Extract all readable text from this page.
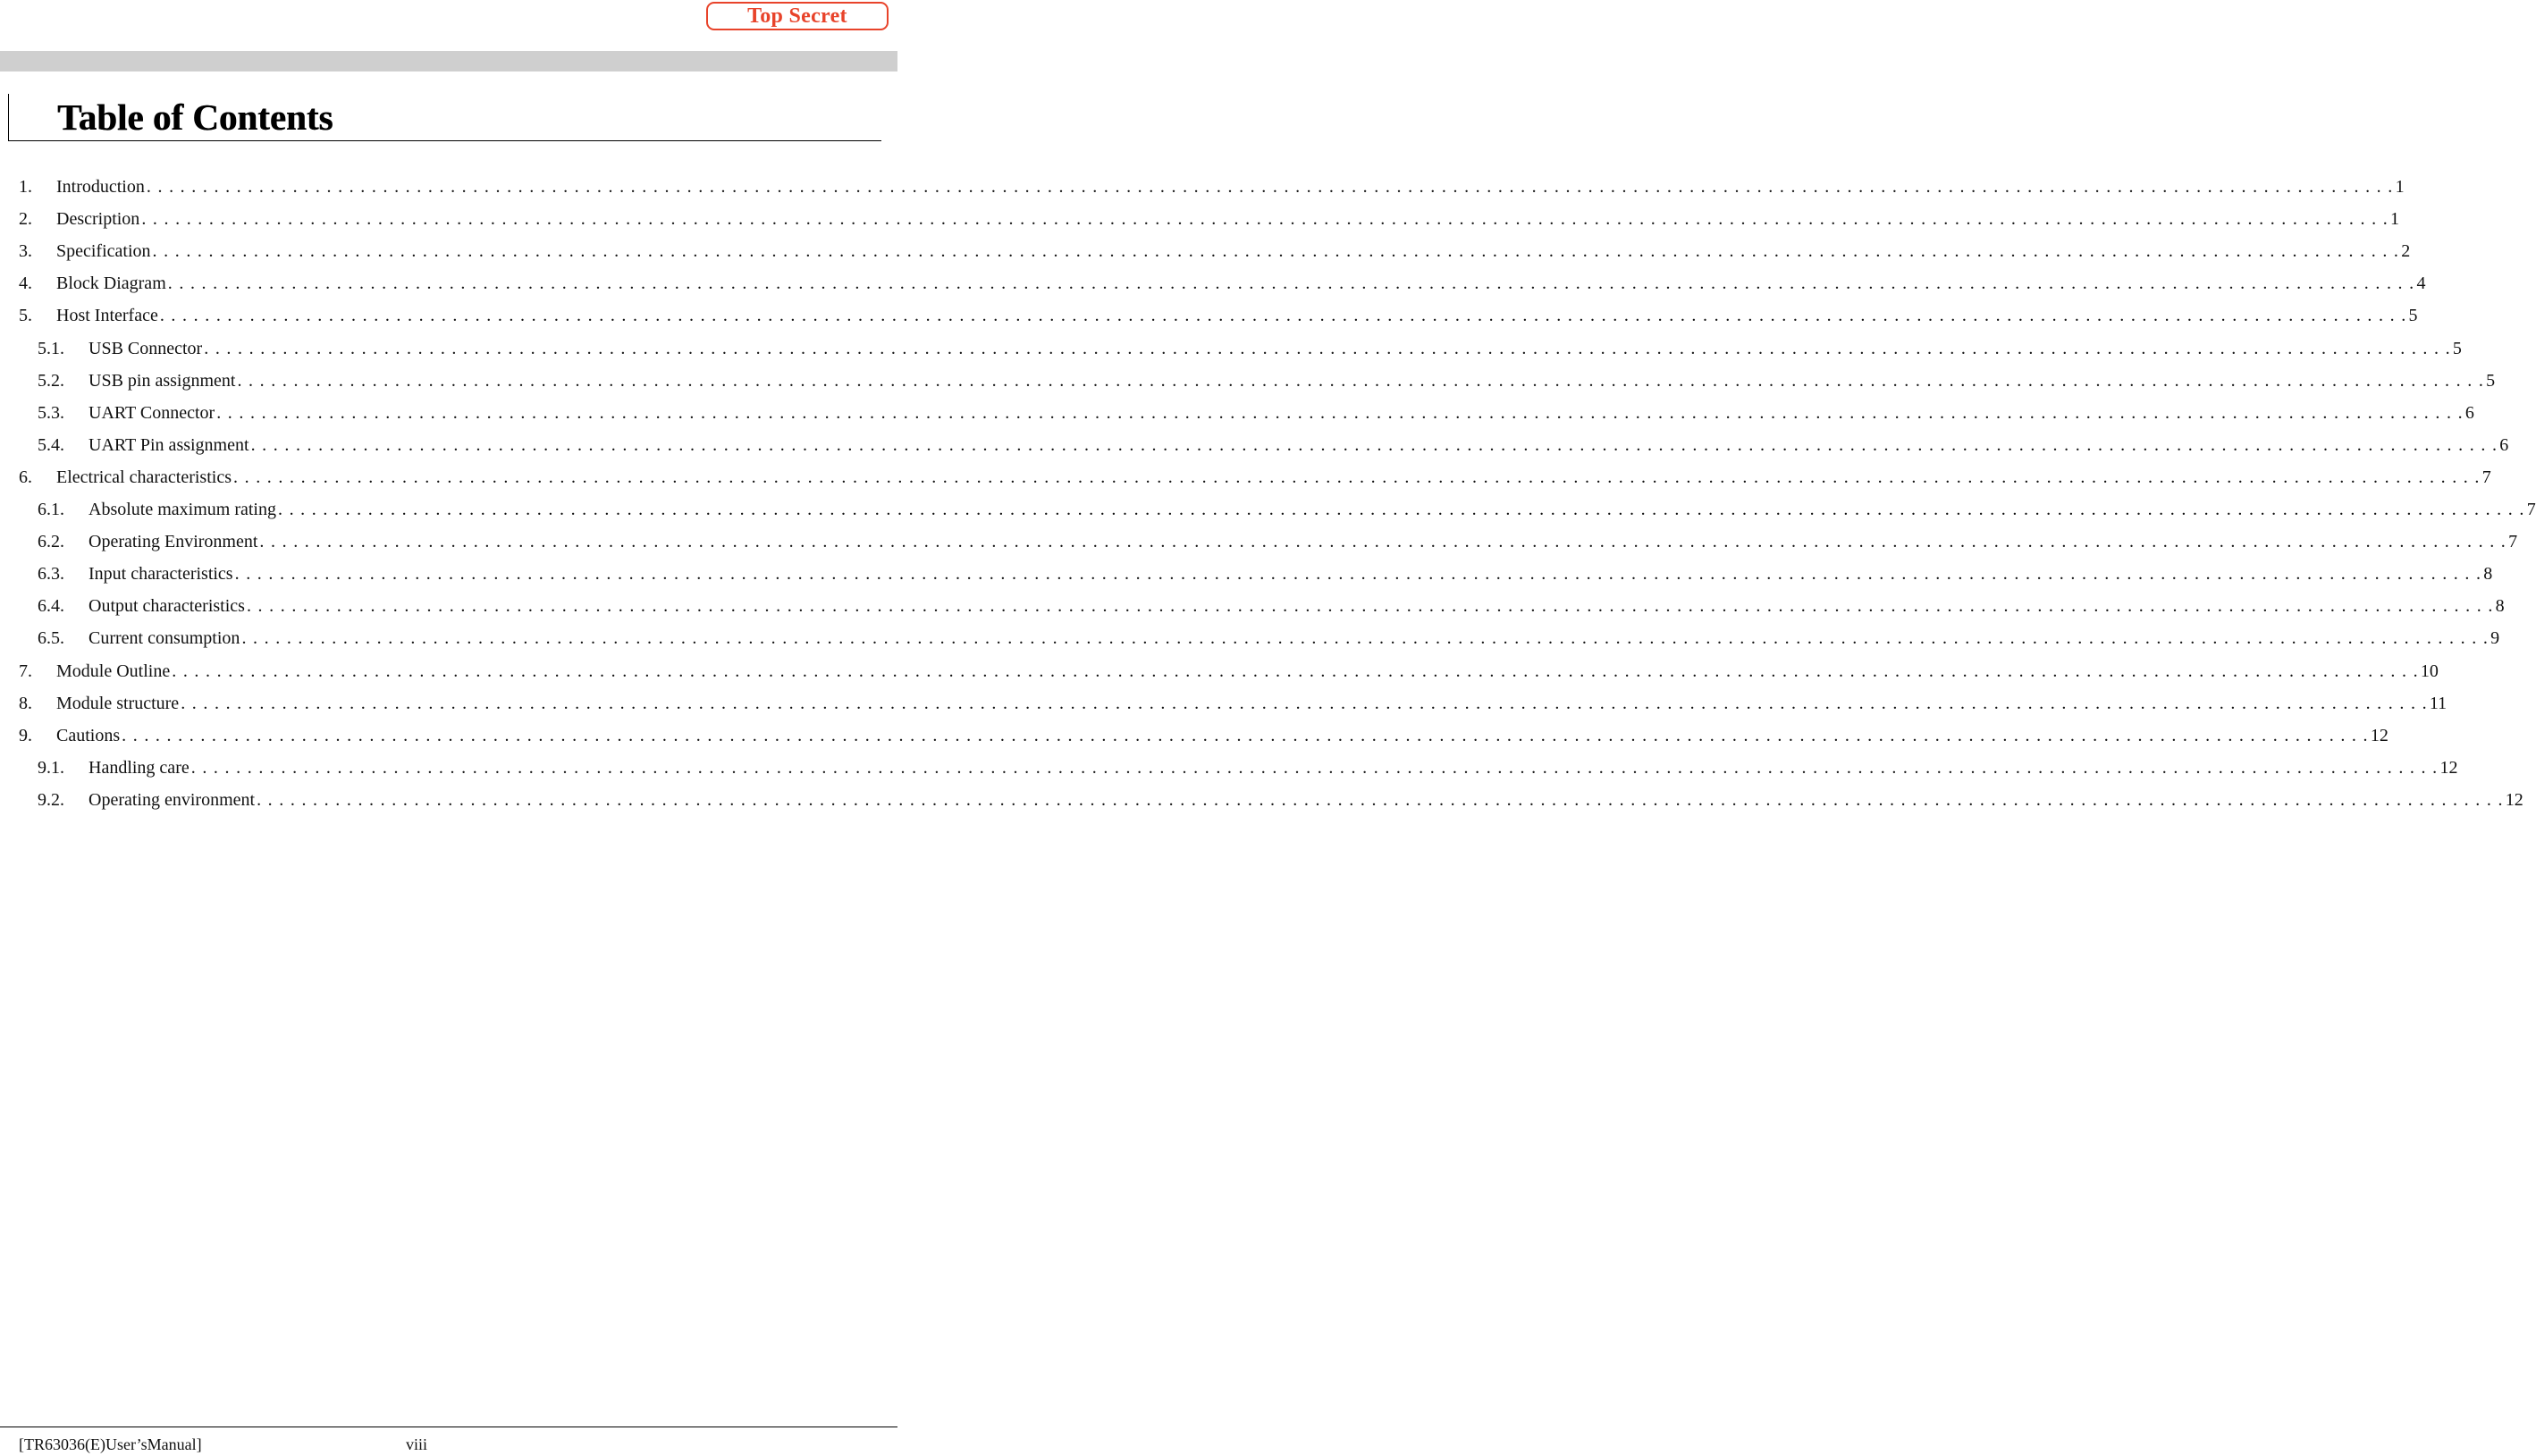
Top Secret
Table of Contents
1.	Introduction . . . . . . . . . . . . . . . . . . . . . . . . . . . . . . . . . . . . . . . . . . . . . . . . . . . . . . . . . . . . . . . . . . . . . . . . . . . . . . . . . . . . . . . . . . . . . . . . . . . . . . . . . . . . . . . . . . . . . . . . . . . . . . . . . . . . . . . . . . . . . . . . . . . . . . . . . . . . . . . . . . . . . . . . . . . . . . . . . . . . . . . . . . . . . . . . . . . . . . . . 1
2.	Description . . . . . . . . . . . . . . . . . . . . . . . . . . . . . . . . . . . . . . . . . . . . . . . . . . . . . . . . . . . . . . . . . . . . . . . . . . . . . . . . . . . . . . . . . . . . . . . . . . . . . . . . . . . . . . . . . . . . . . . . . . . . . . . . . . . . . . . . . . . . . . . . . . . . . . . . . . . . . . . . . . . . . . . . . . . . . . . . . . . . . . . . . . . . . . . . . . . . . . . . 1
3.	Specification . . . . . . . . . . . . . . . . . . . . . . . . . . . . . . . . . . . . . . . . . . . . . . . . . . . . . . . . . . . . . . . . . . . . . . . . . . . . . . . . . . . . . . . . . . . . . . . . . . . . . . . . . . . . . . . . . . . . . . . . . . . . . . . . . . . . . . . . . . . . . . . . . . . . . . . . . . . . . . . . . . . . . . . . . . . . . . . . . . . . . . . . . . . . . . . . . . . . . . . . 2
4.	Block Diagram . . . . . . . . . . . . . . . . . . . . . . . . . . . . . . . . . . . . . . . . . . . . . . . . . . . . . . . . . . . . . . . . . . . . . . . . . . . . . . . . . . . . . . . . . . . . . . . . . . . . . . . . . . . . . . . . . . . . . . . . . . . . . . . . . . . . . . . . . . . . . . . . . . . . . . . . . . . . . . . . . . . . . . . . . . . . . . . . . . . . . . . . . . . . . . . . . . . . . . . . 4
5.	Host Interface . . . . . . . . . . . . . . . . . . . . . . . . . . . . . . . . . . . . . . . . . . . . . . . . . . . . . . . . . . . . . . . . . . . . . . . . . . . . . . . . . . . . . . . . . . . . . . . . . . . . . . . . . . . . . . . . . . . . . . . . . . . . . . . . . . . . . . . . . . . . . . . . . . . . . . . . . . . . . . . . . . . . . . . . . . . . . . . . . . . . . . . . . . . . . . . . . . . . . . . . 5
5.1.	USB Connector . . . . . . . . . . . . . . . . . . . . . . . . . . . . . . . . . . . . . . . . . . . . . . . . . . . . . . . . . . . . . . . . . . . . . . . . . . . . . . . . . . . . . . . . . . . . . . . . . . . . . . . . . . . . . . . . . . . . . . . . . . . . . . . . . . . . . . . . . . . . . . . . . . . . . . . . . . . . . . . . . . . . . . . . . . . . . . . . . . . . . . . . . . . . . . . . . . . . . . . . 5
5.2.	USB pin assignment . . . . . . . . . . . . . . . . . . . . . . . . . . . . . . . . . . . . . . . . . . . . . . . . . . . . . . . . . . . . . . . . . . . . . . . . . . . . . . . . . . . . . . . . . . . . . . . . . . . . . . . . . . . . . . . . . . . . . . . . . . . . . . . . . . . . . . . . . . . . . . . . . . . . . . . . . . . . . . . . . . . . . . . . . . . . . . . . . . . . . . . . . . . . . . . . . . . . . . . . 5
5.3.	UART Connector . . . . . . . . . . . . . . . . . . . . . . . . . . . . . . . . . . . . . . . . . . . . . . . . . . . . . . . . . . . . . . . . . . . . . . . . . . . . . . . . . . . . . . . . . . . . . . . . . . . . . . . . . . . . . . . . . . . . . . . . . . . . . . . . . . . . . . . . . . . . . . . . . . . . . . . . . . . . . . . . . . . . . . . . . . . . . . . . . . . . . . . . . . . . . . . . . . . . . . . . 6
5.4.	UART Pin assignment . . . . . . . . . . . . . . . . . . . . . . . . . . . . . . . . . . . . . . . . . . . . . . . . . . . . . . . . . . . . . . . . . . . . . . . . . . . . . . . . . . . . . . . . . . . . . . . . . . . . . . . . . . . . . . . . . . . . . . . . . . . . . . . . . . . . . . . . . . . . . . . . . . . . . . . . . . . . . . . . . . . . . . . . . . . . . . . . . . . . . . . . . . . . . . . . . . . . . . . . 6
6.	Electrical characteristics . . . . . . . . . . . . . . . . . . . . . . . . . . . . . . . . . . . . . . . . . . . . . . . . . . . . . . . . . . . . . . . . . . . . . . . . . . . . . . . . . . . . . . . . . . . . . . . . . . . . . . . . . . . . . . . . . . . . . . . . . . . . . . . . . . . . . . . . . . . . . . . . . . . . . . . . . . . . . . . . . . . . . . . . . . . . . . . . . . . . . . . . . . . . . . . . . . . . . . . . 7
6.1.	Absolute maximum rating . . . . . . . . . . . . . . . . . . . . . . . . . . . . . . . . . . . . . . . . . . . . . . . . . . . . . . . . . . . . . . . . . . . . . . . . . . . . . . . . . . . . . . . . . . . . . . . . . . . . . . . . . . . . . . . . . . . . . . . . . . . . . . . . . . . . . . . . . . . . . . . . . . . . . . . . . . . . . . . . . . . . . . . . . . . . . . . . . . . . . . . . . . . . . . . . . . . . . . . . 7
6.2.	Operating Environment . . . . . . . . . . . . . . . . . . . . . . . . . . . . . . . . . . . . . . . . . . . . . . . . . . . . . . . . . . . . . . . . . . . . . . . . . . . . . . . . . . . . . . . . . . . . . . . . . . . . . . . . . . . . . . . . . . . . . . . . . . . . . . . . . . . . . . . . . . . . . . . . . . . . . . . . . . . . . . . . . . . . . . . . . . . . . . . . . . . . . . . . . . . . . . . . . . . . . . . . 7
6.3.	Input characteristics . . . . . . . . . . . . . . . . . . . . . . . . . . . . . . . . . . . . . . . . . . . . . . . . . . . . . . . . . . . . . . . . . . . . . . . . . . . . . . . . . . . . . . . . . . . . . . . . . . . . . . . . . . . . . . . . . . . . . . . . . . . . . . . . . . . . . . . . . . . . . . . . . . . . . . . . . . . . . . . . . . . . . . . . . . . . . . . . . . . . . . . . . . . . . . . . . . . . . . . . 8
6.4.	Output characteristics . . . . . . . . . . . . . . . . . . . . . . . . . . . . . . . . . . . . . . . . . . . . . . . . . . . . . . . . . . . . . . . . . . . . . . . . . . . . . . . . . . . . . . . . . . . . . . . . . . . . . . . . . . . . . . . . . . . . . . . . . . . . . . . . . . . . . . . . . . . . . . . . . . . . . . . . . . . . . . . . . . . . . . . . . . . . . . . . . . . . . . . . . . . . . . . . . . . . . . . . 8
6.5.	Current consumption . . . . . . . . . . . . . . . . . . . . . . . . . . . . . . . . . . . . . . . . . . . . . . . . . . . . . . . . . . . . . . . . . . . . . . . . . . . . . . . . . . . . . . . . . . . . . . . . . . . . . . . . . . . . . . . . . . . . . . . . . . . . . . . . . . . . . . . . . . . . . . . . . . . . . . . . . . . . . . . . . . . . . . . . . . . . . . . . . . . . . . . . . . . . . . . . . . . . . . . . 9
7.	Module Outline . . . . . . . . . . . . . . . . . . . . . . . . . . . . . . . . . . . . . . . . . . . . . . . . . . . . . . . . . . . . . . . . . . . . . . . . . . . . . . . . . . . . . . . . . . . . . . . . . . . . . . . . . . . . . . . . . . . . . . . . . . . . . . . . . . . . . . . . . . . . . . . . . . . . . . . . . . . . . . . . . . . . . . . . . . . . . . . . . . . . . . . . . . . . . . . . . . . . . . . . 10
8.	Module structure . . . . . . . . . . . . . . . . . . . . . . . . . . . . . . . . . . . . . . . . . . . . . . . . . . . . . . . . . . . . . . . . . . . . . . . . . . . . . . . . . . . . . . . . . . . . . . . . . . . . . . . . . . . . . . . . . . . . . . . . . . . . . . . . . . . . . . . . . . . . . . . . . . . . . . . . . . . . . . . . . . . . . . . . . . . . . . . . . . . . . . . . . . . . . . . . . . . . . . . . 11
9.	Cautions . . . . . . . . . . . . . . . . . . . . . . . . . . . . . . . . . . . . . . . . . . . . . . . . . . . . . . . . . . . . . . . . . . . . . . . . . . . . . . . . . . . . . . . . . . . . . . . . . . . . . . . . . . . . . . . . . . . . . . . . . . . . . . . . . . . . . . . . . . . . . . . . . . . . . . . . . . . . . . . . . . . . . . . . . . . . . . . . . . . . . . . . . . . . . . . . . . . . . . . . 12
9.1.	Handling care . . . . . . . . . . . . . . . . . . . . . . . . . . . . . . . . . . . . . . . . . . . . . . . . . . . . . . . . . . . . . . . . . . . . . . . . . . . . . . . . . . . . . . . . . . . . . . . . . . . . . . . . . . . . . . . . . . . . . . . . . . . . . . . . . . . . . . . . . . . . . . . . . . . . . . . . . . . . . . . . . . . . . . . . . . . . . . . . . . . . . . . . . . . . . . . . . . . . . . . . 12
9.2.	Operating environment . . . . . . . . . . . . . . . . . . . . . . . . . . . . . . . . . . . . . . . . . . . . . . . . . . . . . . . . . . . . . . . . . . . . . . . . . . . . . . . . . . . . . . . . . . . . . . . . . . . . . . . . . . . . . . . . . . . . . . . . . . . . . . . . . . . . . . . . . . . . . . . . . . . . . . . . . . . . . . . . . . . . . . . . . . . . . . . . . . . . . . . . . . . . . . . . . . . . . . . . 12
[TR63036(E)User’sManual]	viii
